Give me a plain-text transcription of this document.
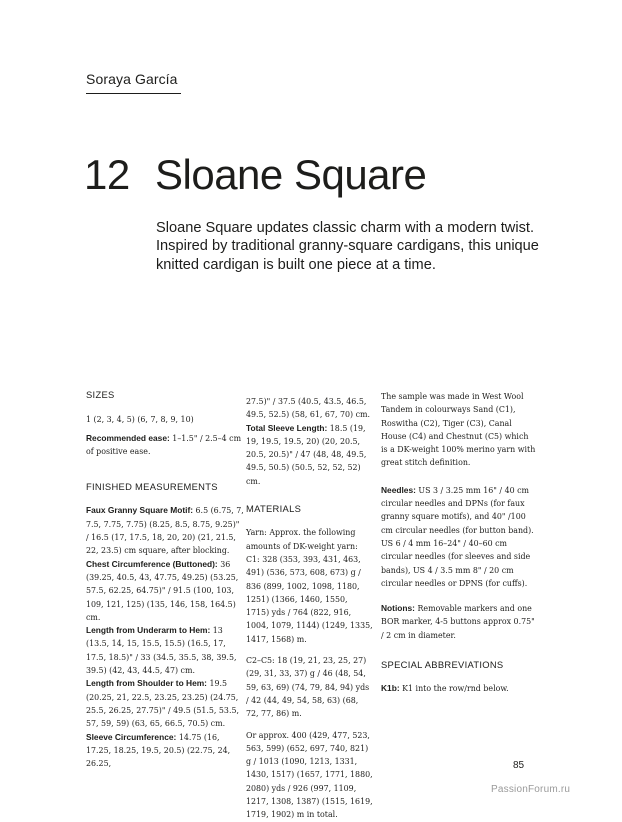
Soraya García
12 Sloane Square
Sloane Square updates classic charm with a modern twist. Inspired by traditional granny-square cardigans, this unique knitted cardigan is built one piece at a time.

SIZES

1 (2, 3, 4, 5) (6, 7, 8, 9, 10)

Recommended ease: 1–1.5" / 2.5–4 cm of positive ease.

FINISHED MEASUREMENTS

Faux Granny Square Motif: 6.5 (6.75, 7, 7.5, 7.75, 7.75) (8.25, 8.5, 8.75, 9.25)" / 16.5 (17, 17.5, 18, 20, 20) (21, 21.5, 22, 23.5) cm square, after blocking.

Chest Circumference (Buttoned): 36 (39.25, 40.5, 43, 47.75, 49.25) (53.25, 57.5, 62.25, 64.75)" / 91.5 (100, 103, 109, 121, 125) (135, 146, 158, 164.5) cm.

Length from Underarm to Hem: 13 (13.5, 14, 15, 15.5, 15.5) (16.5, 17, 17.5, 18.5)" / 33 (34.5, 35.5, 38, 39.5, 39.5) (42, 43, 44.5, 47) cm.

Length from Shoulder to Hem: 19.5 (20.25, 21, 22.5, 23.25, 23.25) (24.75, 25.5, 26.25, 27.75)" / 49.5 (51.5, 53.5, 57, 59, 59) (63, 65, 66.5, 70.5) cm.

Sleeve Circumference: 14.75 (16, 17.25, 18.25, 19.5, 20.5) (22.75, 24, 26.25,

27.5)" / 37.5 (40.5, 43.5, 46.5, 49.5, 52.5) (58, 61, 67, 70) cm.

Total Sleeve Length: 18.5 (19, 19, 19.5, 19.5, 20) (20, 20.5, 20.5, 20.5)" / 47 (48, 48, 49.5, 49.5, 50.5) (50.5, 52, 52, 52) cm.

MATERIALS

Yarn: Approx. the following amounts of DK-weight yarn:

C1: 328 (353, 393, 431, 463, 491) (536, 573, 608, 673) g / 836 (899, 1002, 1098, 1180, 1251) (1366, 1460, 1550, 1715) yds / 764 (822, 916, 1004, 1079, 1144) (1249, 1335, 1417, 1568) m.

C2–C5: 18 (19, 21, 23, 25, 27) (29, 31, 33, 37) g / 46 (48, 54, 59, 63, 69) (74, 79, 84, 94) yds / 42 (44, 49, 54, 58, 63) (68, 72, 77, 86) m.

Or approx. 400 (429, 477, 523, 563, 599) (652, 697, 740, 821) g / 1013 (1090, 1213, 1331, 1430, 1517) (1657, 1771, 1880, 2080) yds / 926 (997, 1109, 1217, 1308, 1387) (1515, 1619, 1719, 1902) m in total.

The sample was made in West Wool Tandem in colourways Sand (C1), Roswitha (C2), Tiger (C3), Canal House (C4) and Chestnut (C5) which is a DK-weight 100% merino yarn with great stitch definition.

Needles: US 3 / 3.25 mm 16" / 40 cm circular needles and DPNs (for faux granny square motifs), and 40" /100 cm circular needles (for button band). US 6 / 4 mm 16–24" / 40–60 cm circular needles (for sleeves and side bands), US 4 / 3.5 mm 8" / 20 cm circular needles or DPNS (for cuffs).

Notions: Removable markers and one BOR marker, 4-5 buttons approx 0.75" / 2 cm in diameter.

SPECIAL ABBREVIATIONS

K1b: K1 into the row/rnd below.

85
PassionForum.ru
